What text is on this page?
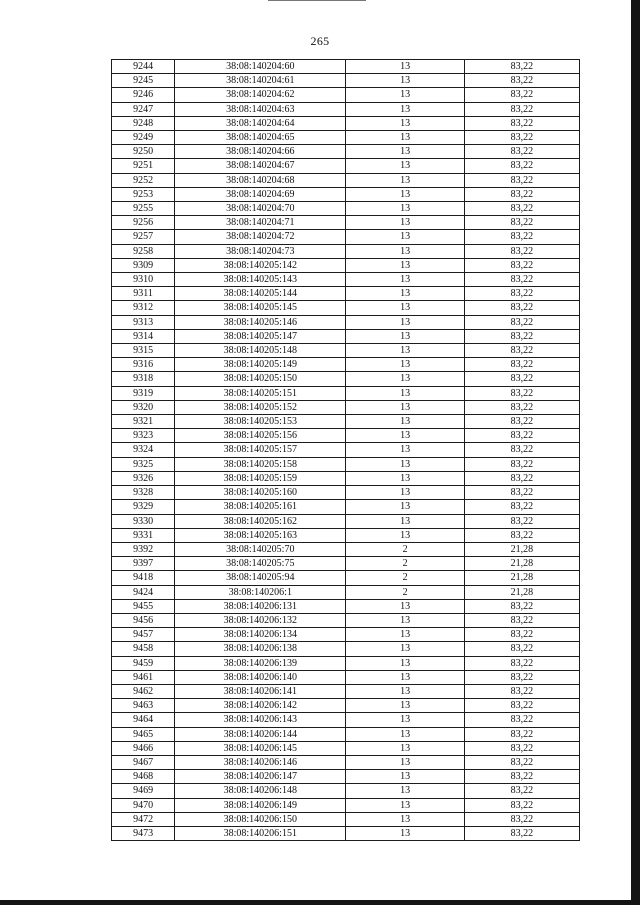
265
9244	38:08:140204:60	13	83,22
9245	38:08:140204:61	13	83,22
9246	38:08:140204:62	13	83,22
9247	38:08:140204:63	13	83,22
9248	38:08:140204:64	13	83,22
9249	38:08:140204:65	13	83,22
9250	38:08:140204:66	13	83,22
9251	38:08:140204:67	13	83,22
9252	38:08:140204:68	13	83,22
9253	38:08:140204:69	13	83,22
9255	38:08:140204:70	13	83,22
9256	38:08:140204:71	13	83,22
9257	38:08:140204:72	13	83,22
9258	38:08:140204:73	13	83,22
9309	38:08:140205:142	13	83,22
9310	38:08:140205:143	13	83,22
9311	38:08:140205:144	13	83,22
9312	38:08:140205:145	13	83,22
9313	38:08:140205:146	13	83,22
9314	38:08:140205:147	13	83,22
9315	38:08:140205:148	13	83,22
9316	38:08:140205:149	13	83,22
9318	38:08:140205:150	13	83,22
9319	38:08:140205:151	13	83,22
9320	38:08:140205:152	13	83,22
9321	38:08:140205:153	13	83,22
9323	38:08:140205:156	13	83,22
9324	38:08:140205:157	13	83,22
9325	38:08:140205:158	13	83,22
9326	38:08:140205:159	13	83,22
9328	38:08:140205:160	13	83,22
9329	38:08:140205:161	13	83,22
9330	38:08:140205:162	13	83,22
9331	38:08:140205:163	13	83,22
9392	38:08:140205:70	2	21,28
9397	38:08:140205:75	2	21,28
9418	38:08:140205:94	2	21,28
9424	38:08:140206:1	2	21,28
9455	38:08:140206:131	13	83,22
9456	38:08:140206:132	13	83,22
9457	38:08:140206:134	13	83,22
9458	38:08:140206:138	13	83,22
9459	38:08:140206:139	13	83,22
9461	38:08:140206:140	13	83,22
9462	38:08:140206:141	13	83,22
9463	38:08:140206:142	13	83,22
9464	38:08:140206:143	13	83,22
9465	38:08:140206:144	13	83,22
9466	38:08:140206:145	13	83,22
9467	38:08:140206:146	13	83,22
9468	38:08:140206:147	13	83,22
9469	38:08:140206:148	13	83,22
9470	38:08:140206:149	13	83,22
9472	38:08:140206:150	13	83,22
9473	38:08:140206:151	13	83,22
